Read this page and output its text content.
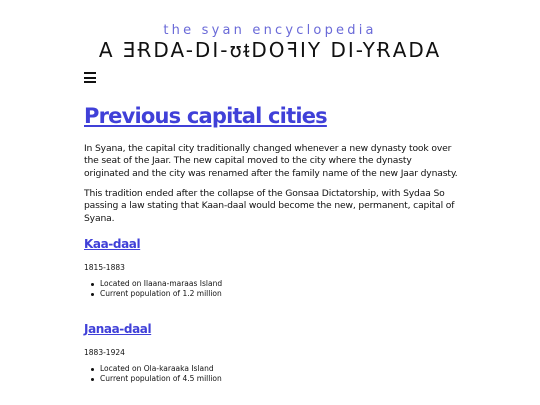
the syan encyclopedia
A ƎɌDA-DI-ʊᵵDOꟻIY DI-YɌADA
Previous capital cities

In Syana, the capital city traditionally changed whenever a new dynasty took over the seat of the Jaar. The new capital moved to the city where the dynasty originated and the city was renamed after the family name of the new Jaar dynasty.

This tradition ended after the collapse of the Gonsaa Dictatorship, with Sydaa So passing a law stating that Kaan-daal would become the new, permanent, capital of Syana.

Kaa-daal

1815-1883

Located on Ilaana-maraas Island
Current population of 1.2 million
Janaa-daal

1883-1924

Located on Ola-karaaka Island
Current population of 4.5 million
